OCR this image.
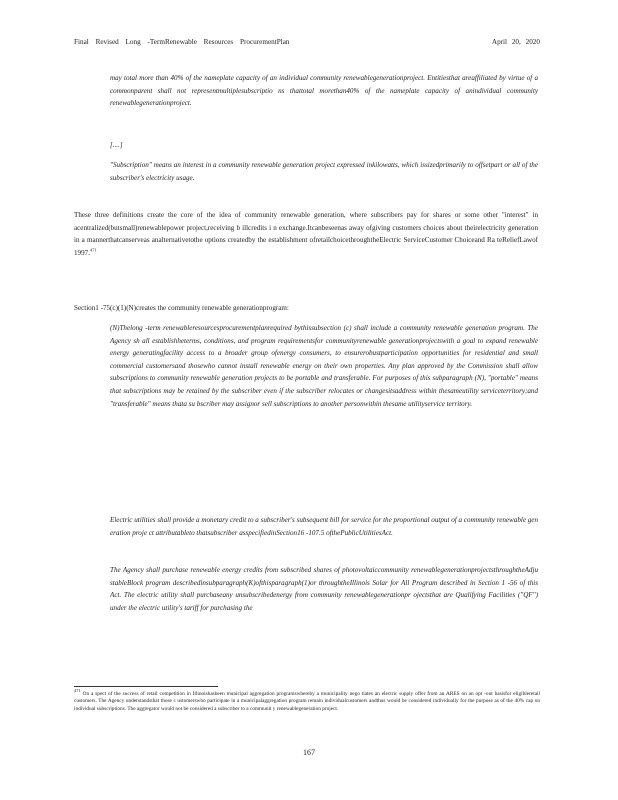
Final Revised Long -TermRenewable Resources ProcurementPlan	April 20, 2020
may total more than 40% of the nameplate capacity of an individual community renewablegenerationproject. Entitiesthat areaffiliated by virtue of a commonparent shall not representmultiplesubscriptio ns thattotal morethan40% of the nameplate capacity of anindividual community renewablegenerationproject.
[....]
"Subscription" means an interest in a community renewable generation project expressed inkilowatts, which issizedprimarily to offsetpart or all of the subscriber's electricity usage.
These three definitions create the core of the idea of community renewable generation, where subscribers pay for shares or some other "interest" in acentralized(butsmall)renewablepower project,receiving b illcredits i n exchange.Itcanbeseenas away ofgiving customers choices about theirelectricity generation in a mannerthatcanserveas analternativetothe options createdby the establishment ofretailchoicethroughtheElectric ServiceCustomer Choiceand Ra teReliefLawof 1997.$^{471}$
Section1 -75(c)(1)(N)creates the community renewable generationprogram:
(N)Thelong -term renewableresourcesprocurementplanrequired bythissubsection (c) shall include a community renewable generation program. The Agency sh all establishheterms, conditions, and program requirementsfor communityrenewable generationprojectswith a goal to expand renewable energy generatingfacility access to a broader group ofenergy consumers, to ensurerobustparticipation opportunities for residential and small commercial customersand thosewho cannot install renewable energy on their own properties. Any plan approved by the Commission shall allow subscriptions to community renewable generation projects to be portable and transferable. For purposes of this subparagraph (N), "portable" means that subscriptions may be retained by the subscriber even if the subscriber relocates or changesitsaddress within thesameutility serviceterritory;and "transferable" means thata su bscriber may assignor sell subscriptions to another personwithin thesame utilityservice territory.
Electric utilities shall provide a monetary credit to a subscriber's subsequent bill for service for the proportional output of a community renewable gen eration proje ct attributableto thatsubscriber asspecifiedinSection16 -107.5 ofthePublicUtilitiesAct.
The Agency shall purchase renewable energy credits from subscribed shares of photovoltaiccommunity renewablegenerationprojectsthroughtheAdju stableBlock program describedinsubparagraph(K)ofthisparagraph(1)or throughtheIllinois Solar for All Program described in Section 1 -56 of this Act. The electric utility shall purchaseany unsubscribedenergy from community renewablegenerationpr ojectsthat are Qualifying Facilities ("QF") under the electric utility's tariff for purchasing the
$^{471}$ On a spect of the success of retail competition in Illinoishasbeen municipal aggregation programswhereby a municipality nego tiates an electric supply offer from an ARES on an opt -out basisfor eligibleretail customers. The Agency understandsthat those c ustomerswho participate in a municipalaggregation program remain individualcustomers andthus would be considered individually for the purpose as of the 40% cap on individual subscriptions. The aggregator would not be considered a subscriber to a communit y renewablegeneration project.
167
